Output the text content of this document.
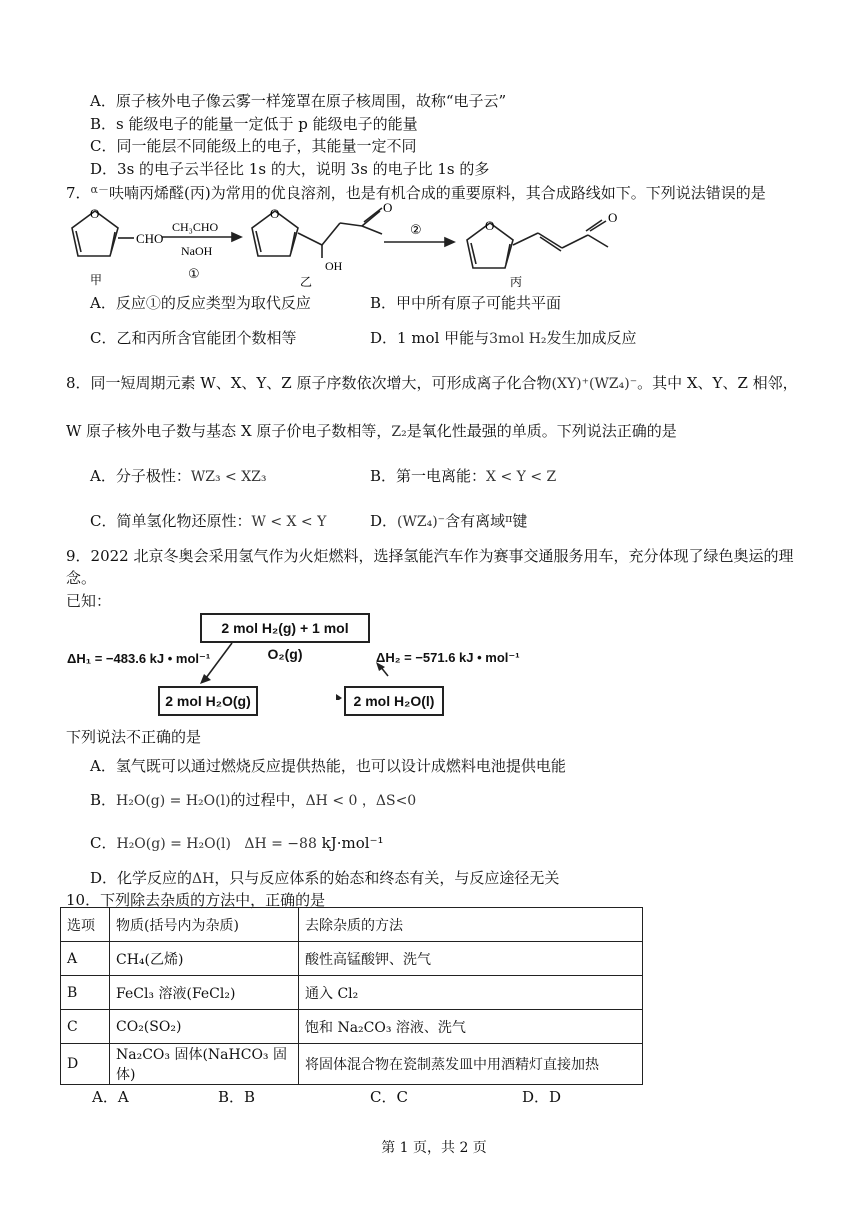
A．原子核外电子像云雾一样笼罩在原子核周围，故称“电子云”
B．s 能级电子的能量一定低于 p 能级电子的能量
C．同一能层不同能级上的电子，其能量一定不同
D．3s 的电子云半径比 1s 的大，说明 3s 的电子比 1s 的多
7．$^{\alpha-}$呋喃丙烯醛(丙)为常用的优良溶剂，也是有机合成的重要原料，其合成路线如下。下列说法错误的是
O	O
O
O
O
CHO
CH₃CHO
NaOH
①
②
OH
甲	乙	丙
A．反应①的反应类型为取代反应	B．甲中所有原子可能共平面
C．乙和丙所含官能团个数相等	D．1 mol 甲能与3mol H₂发生加成反应
8．同一短周期元素 W、X、Y、Z 原子序数依次增大，可形成离子化合物(XY)⁺(WZ₄)⁻。其中 X、Y、Z 相邻，
W 原子核外电子数与基态 X 原子价电子数相等，Z₂是氧化性最强的单质。下列说法正确的是
A．分子极性：WZ₃ < XZ₃	B．第一电离能：X < Y < Z
C．简单氢化物还原性：W < X < Y	D．(WZ₄)⁻含有离域$^\pi$键
9．2022 北京冬奥会采用氢气作为火炬燃料，选择氢能汽车作为赛事交通服务用车，充分体现了绿色奥运的理
念。
已知：
2 mol H₂(g) + 1 mol O₂(g)
2 mol H₂O(g)	2 mol H₂O(l)
ΔH₁ = −483.6 kJ • mol⁻¹	ΔH₂ = −571.6 kJ • mol⁻¹
下列说法不正确的是
A．氢气既可以通过燃烧反应提供热能，也可以设计成燃料电池提供电能
B．H₂O(g) = H₂O(l)的过程中，ΔH < 0 ，ΔS<0
C．H₂O(g) = H₂O(l)   ΔH = −88 kJ·mol⁻¹
D．化学反应的ΔH，只与反应体系的始态和终态有关，与反应途径无关
10．下列除去杂质的方法中，正确的是
选项	物质(括号内为杂质)	去除杂质的方法
A	CH₄(乙烯)	酸性高锰酸钾、洗气
B	FeCl₃ 溶液(FeCl₂)	通入 Cl₂
C	CO₂(SO₂)	饱和 Na₂CO₃ 溶液、洗气
D	Na₂CO₃ 固体(NaHCO₃ 固体)	将固体混合物在瓷制蒸发皿中用酒精灯直接加热
A．A	B．B	C．C	D．D
第 1 页，共 2 页
